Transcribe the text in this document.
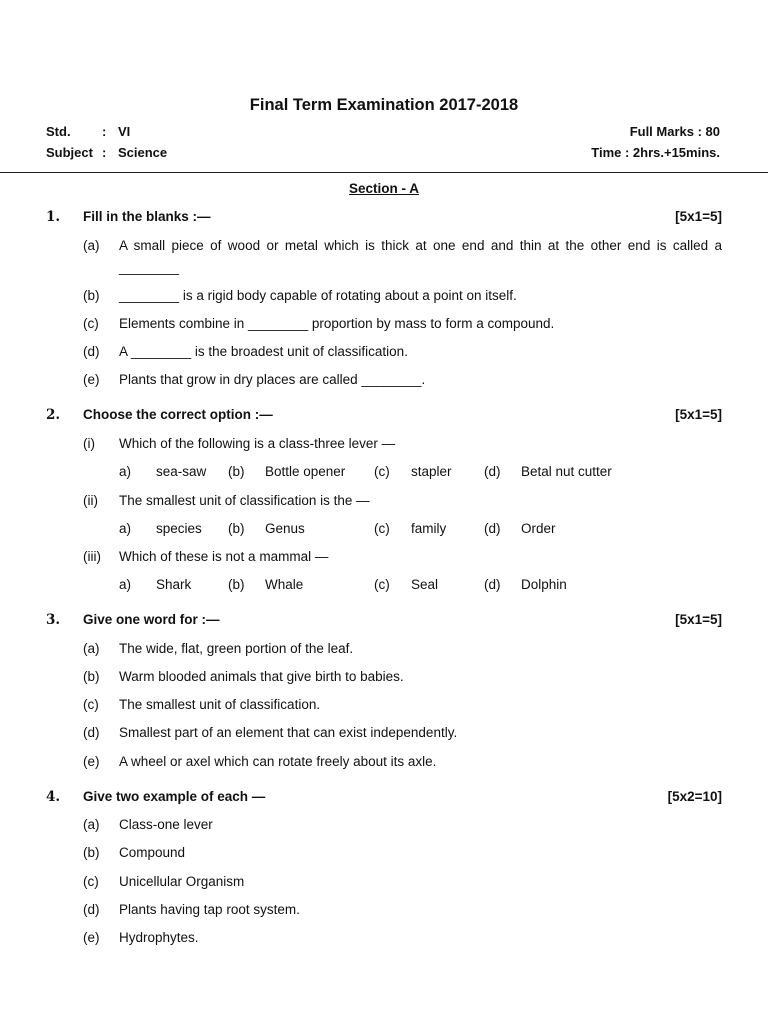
Final Term Examination 2017-2018
Std. : VI
Subject : Science
Full Marks : 80
Time : 2hrs.+15mins.
Section - A
1. Fill in the blanks :—	[5x1=5]
(a) A small piece of wood or metal which is thick at one end and thin at the other end is called a ________
(b) ________ is a rigid body capable of rotating about a point on itself.
(c) Elements combine in ________ proportion by mass to form a compound.
(d) A ________ is the broadest unit of classification.
(e) Plants that grow in dry places are called ________.
2. Choose the correct option :—	[5x1=5]
(i) Which of the following is a class-three lever —
a) sea-saw (b) Bottle opener (c) stapler (d) Betal nut cutter
(ii) The smallest unit of classification is the —
a) species (b) Genus	(c) family	(d) Order
(iii) Which of these is not a mammal —
a) Shark	(b) Whale	(c) Seal	(d) Dolphin
3. Give one word for :—	[5x1=5]
(a) The wide, flat, green portion of the leaf.
(b) Warm blooded animals that give birth to babies.
(c) The smallest unit of classification.
(d) Smallest part of an element that can exist independently.
(e) A wheel or axel which can rotate freely about its axle.
4. Give two example of each —	[5x2=10]
(a) Class-one lever
(b) Compound
(c) Unicellular Organism
(d) Plants having tap root system.
(e) Hydrophytes.
